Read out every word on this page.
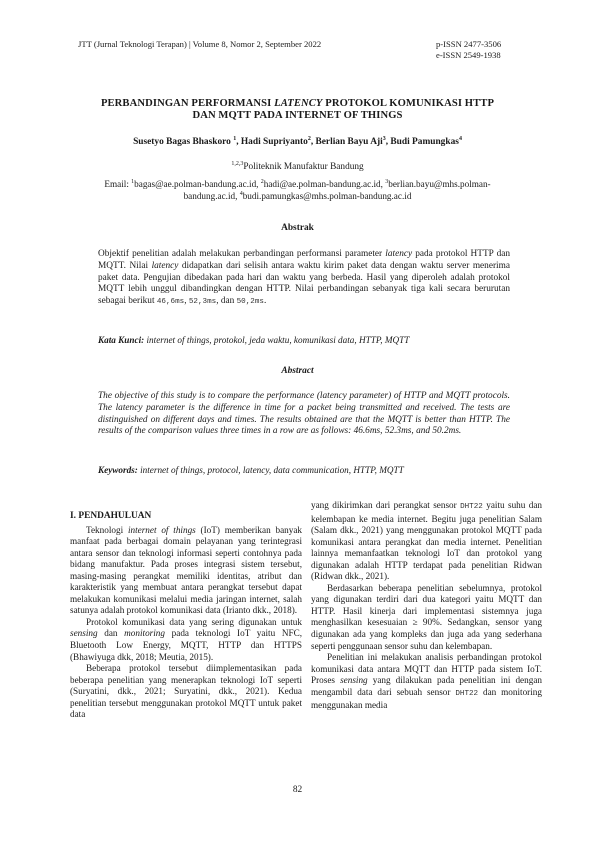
JTT (Jurnal Teknologi Terapan) | Volume 8, Nomor 2, September 2022	p-ISSN 2477-3506
e-ISSN 2549-1938
PERBANDINGAN PERFORMANSI LATENCY PROTOKOL KOMUNIKASI HTTP
DAN MQTT PADA INTERNET OF THINGS
Susetyo Bagas Bhaskoro $^1$, Hadi Supriyanto$^2$, Berlian Bayu Aji$^3$, Budi Pamungkas$^4$
$^{1,2,3}$Politeknik Manufaktur Bandung
Email: $^1$bagas@ae.polman-bandung.ac.id, $^2$hadi@ae.polman-bandung.ac.id, $^3$berlian.bayu@mhs.polman-
bandung.ac.id, $^4$budi.pamungkas@mhs.polman-bandung.ac.id
Abstrak
Objektif penelitian adalah melakukan perbandingan performansi parameter latency pada protokol HTTP dan MQTT. Nilai latency didapatkan dari selisih antara waktu kirim paket data dengan waktu server menerima paket data. Pengujian dibedakan pada hari dan waktu yang berbeda. Hasil yang diperoleh adalah protokol MQTT lebih unggul dibandingkan dengan HTTP. Nilai perbandingan sebanyak tiga kali secara berurutan sebagai berikut 46,6ms, 52,3ms, dan 50,2ms.
Kata Kunci: internet of things, protokol, jeda waktu, komunikasi data, HTTP, MQTT
Abstract
The objective of this study is to compare the performance (latency parameter) of HTTP and MQTT protocols. The latency parameter is the difference in time for a packet being transmitted and received. The tests are distinguished on different days and times. The results obtained are that the MQTT is better than HTTP. The results of the comparison values three times in a row are as follows: 46.6ms, 52.3ms, and 50.2ms.
Keywords: internet of things, protocol, latency, data communication, HTTP, MQTT

I. PENDAHULUAN

Teknologi internet of things (IoT) memberikan banyak manfaat pada berbagai domain pelayanan yang terintegrasi antara sensor dan teknologi informasi seperti contohnya pada bidang manufaktur. Pada proses integrasi sistem tersebut, masing-masing perangkat memiliki identitas, atribut dan karakteristik yang membuat antara perangkat tersebut dapat melakukan komunikasi melalui media jaringan internet, salah satunya adalah protokol komunikasi data (Irianto dkk., 2018).

Protokol komunikasi data yang sering digunakan untuk sensing dan monitoring pada teknologi IoT yaitu NFC, Bluetooth Low Energy, MQTT, HTTP dan HTTPS (Bhawiyuga dkk, 2018; Meutia, 2015).

Beberapa protokol tersebut diimplementasikan pada beberapa penelitian yang menerapkan teknologi IoT seperti (Suryatini, dkk., 2021; Suryatini, dkk., 2021). Kedua penelitian tersebut menggunakan protokol MQTT untuk paket data

yang dikirimkan dari perangkat sensor DHT22 yaitu suhu dan kelembapan ke media internet. Begitu juga penelitian Salam (Salam dkk., 2021) yang menggunakan protokol MQTT pada komunikasi antara perangkat dan media internet. Penelitian lainnya memanfaatkan teknologi IoT dan protokol yang digunakan adalah HTTP terdapat pada penelitian Ridwan (Ridwan dkk., 2021).

Berdasarkan beberapa penelitian sebelumnya, protokol yang digunakan terdiri dari dua kategori yaitu MQTT dan HTTP. Hasil kinerja dari implementasi sistemnya juga menghasilkan kesesuaian ≥ 90%. Sedangkan, sensor yang digunakan ada yang kompleks dan juga ada yang sederhana seperti penggunaan sensor suhu dan kelembapan.

Penelitian ini melakukan analisis perbandingan protokol komunikasi data antara MQTT dan HTTP pada sistem IoT. Proses sensing yang dilakukan pada penelitian ini dengan mengambil data dari sebuah sensor DHT22 dan monitoring menggunakan media

82
